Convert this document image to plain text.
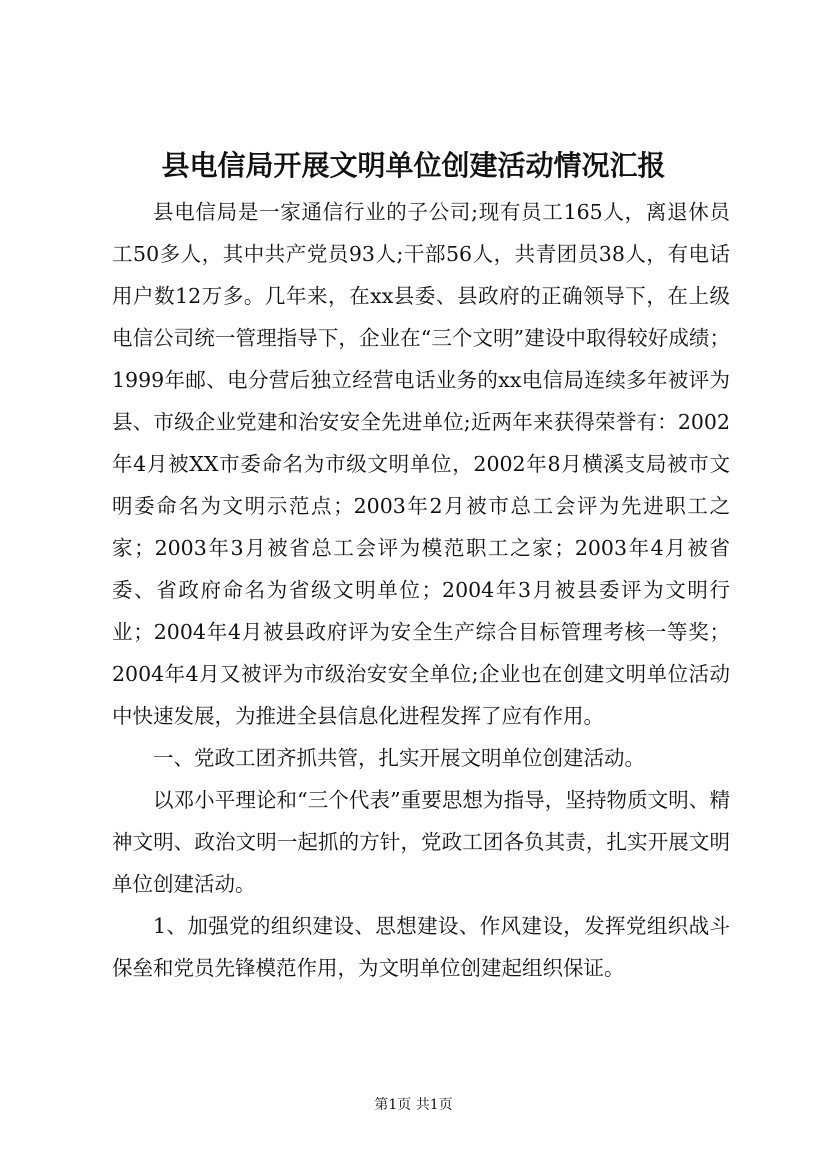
县电信局开展文明单位创建活动情况汇报

县电信局是一家通信行业的子公司;现有员工165人，离退休员工50多人，其中共产党员93人;干部56人，共青团员38人，有电话用户数12万多。几年来，在xx县委、县政府的正确领导下，在上级电信公司统一管理指导下，企业在“三个文明”建设中取得较好成绩；1999年邮、电分营后独立经营电话业务的xx电信局连续多年被评为县、市级企业党建和治安安全先进单位;近两年来获得荣誉有：2002年4月被XX市委命名为市级文明单位，2002年8月横溪支局被市文明委命名为文明示范点；2003年2月被市总工会评为先进职工之家；2003年3月被省总工会评为模范职工之家；2003年4月被省委、省政府命名为省级文明单位；2004年3月被县委评为文明行业；2004年4月被县政府评为安全生产综合目标管理考核一等奖；2004年4月又被评为市级治安安全单位;企业也在创建文明单位活动中快速发展，为推进全县信息化进程发挥了应有作用。

一、党政工团齐抓共管，扎实开展文明单位创建活动。

以邓小平理论和“三个代表”重要思想为指导，坚持物质文明、精神文明、政治文明一起抓的方针，党政工团各负其责，扎实开展文明单位创建活动。

1、加强党的组织建设、思想建设、作风建设，发挥党组织战斗保垒和党员先锋模范作用，为文明单位创建起组织保证。

第1页 共1页
